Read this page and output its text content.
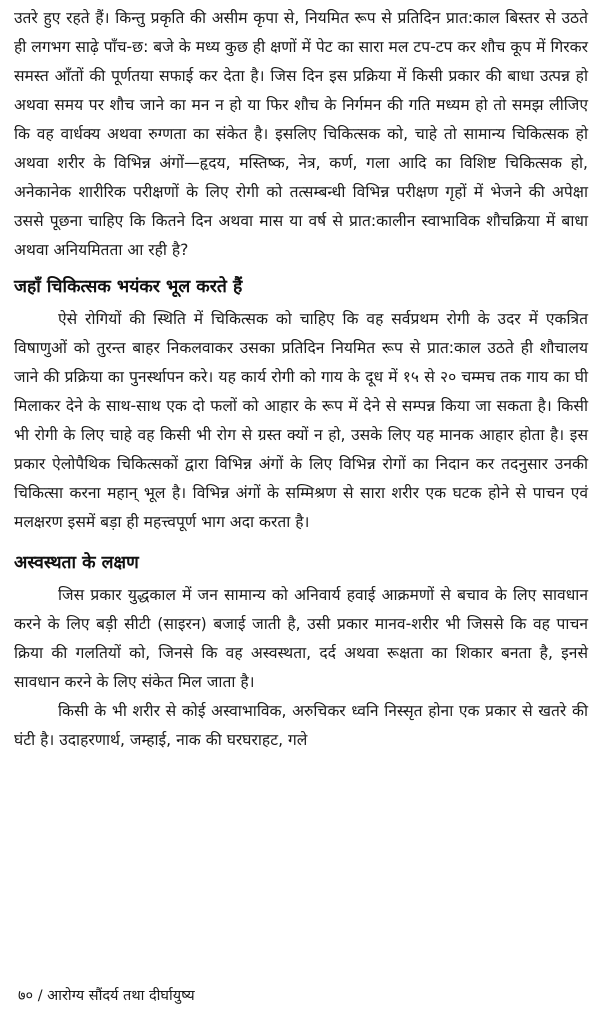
उतरे हुए रहते हैं। किन्तु प्रकृति की असीम कृपा से, नियमित रूप से प्रतिदिन प्रात:काल बिस्तर से उठते ही लगभग साढ़े पाँच-छ: बजे के मध्य कुछ ही क्षणों में पेट का सारा मल टप-टप कर शौच कूप में गिरकर समस्त आँतों की पूर्णतया सफाई कर देता है। जिस दिन इस प्रक्रिया में किसी प्रकार की बाधा उत्पन्न हो अथवा समय पर शौच जाने का मन न हो या फिर शौच के निर्गमन की गति मध्यम हो तो समझ लीजिए कि वह वार्धक्य अथवा रुग्णता का संकेत है। इसलिए चिकित्सक को, चाहे तो सामान्य चिकित्सक हो अथवा शरीर के विभिन्न अंगों—हृदय, मस्तिष्क, नेत्र, कर्ण, गला आदि का विशिष्ट चिकित्सक हो, अनेकानेक शारीरिक परीक्षणों के लिए रोगी को तत्सम्बन्धी विभिन्न परीक्षण गृहों में भेजने की अपेक्षा उससे पूछना चाहिए कि कितने दिन अथवा मास या वर्ष से प्रात:कालीन स्वाभाविक शौचक्रिया में बाधा अथवा अनियमितता आ रही है?

जहाँ चिकित्सक भयंकर भूल करते हैं

ऐसे रोगियों की स्थिति में चिकित्सक को चाहिए कि वह सर्वप्रथम रोगी के उदर में एकत्रित विषाणुओं को तुरन्त बाहर निकलवाकर उसका प्रतिदिन नियमित रूप से प्रात:काल उठते ही शौचालय जाने की प्रक्रिया का पुनर्स्थापन करे। यह कार्य रोगी को गाय के दूध में १५ से २० चम्मच तक गाय का घी मिलाकर देने के साथ-साथ एक दो फलों को आहार के रूप में देने से सम्पन्न किया जा सकता है। किसी भी रोगी के लिए चाहे वह किसी भी रोग से ग्रस्त क्यों न हो, उसके लिए यह मानक आहार होता है। इस प्रकार ऐलोपैथिक चिकित्सकों द्वारा विभिन्न अंगों के लिए विभिन्न रोगों का निदान कर तदनुसार उनकी चिकित्सा करना महान् भूल है। विभिन्न अंगों के सम्मिश्रण से सारा शरीर एक घटक होने से पाचन एवं मलक्षरण इसमें बड़ा ही महत्त्वपूर्ण भाग अदा करता है।

अस्वस्थता के लक्षण

जिस प्रकार युद्धकाल में जन सामान्य को अनिवार्य हवाई आक्रमणों से बचाव के लिए सावधान करने के लिए बड़ी सीटी (साइरन) बजाई जाती है, उसी प्रकार मानव-शरीर भी जिससे कि वह पाचन क्रिया की गलतियों को, जिनसे कि वह अस्वस्थता, दर्द अथवा रूक्षता का शिकार बनता है, इनसे सावधान करने के लिए संकेत मिल जाता है।

किसी के भी शरीर से कोई अस्वाभाविक, अरुचिकर ध्वनि निस्सृत होना एक प्रकार से खतरे की घंटी है। उदाहरणार्थ, जम्हाई, नाक की घरघराहट, गले

७० / आरोग्य सौंदर्य तथा दीर्घायुष्य
